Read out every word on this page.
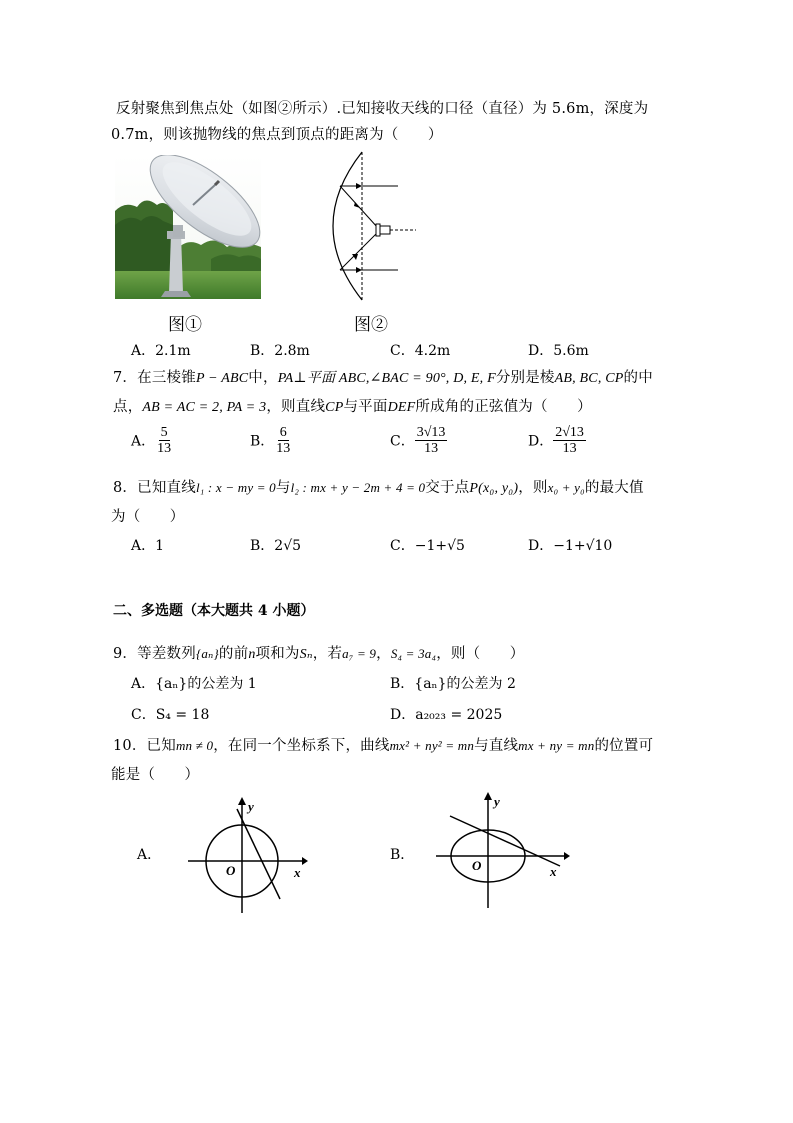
反射聚焦到焦点处（如图②所示）.已知接收天线的口径（直径）为 5.6m，深度为
0.7m，则该抛物线的焦点到顶点的距离为（　　）
图①	图②
A．2.1m	B．2.8m	C．4.2m	D．5.6m
7．在三棱锥P − ABC中，PA⊥平面 ABC,∠BAC = 90°, D, E, F分别是棱AB, BC, CP的中
点，AB = AC = 2, PA = 3，则直线CP与平面DEF所成角的正弦值为（　　）
A． $\frac{5}{13}$	B． $\frac{6}{13}$	C． $\frac{3√13}{13}$	D． $\frac{2√13}{13}$
8．已知直线l₁ : x − my = 0与l₂ : mx + y − 2m + 4 = 0交于点P(x₀, y₀)，则x₀ + y₀的最大值
为（　　）
A．1	B．2√5	C．−1+√5	D．−1+√10
二、多选题（本大题共 4 小题）
9．等差数列{aₙ}的前n项和为Sₙ，若a₇ = 9，S₄ = 3a₄，则（　　）
A．{aₙ}的公差为 1	B．{aₙ}的公差为 2
C．S₄ = 18	D．a₂₀₂₃ = 2025
10．已知mn ≠ 0，在同一个坐标系下，曲线mx² + ny² = mn与直线mx + ny = mn的位置可
能是（　　）
A．
y
x
O
B．
y
x
O
